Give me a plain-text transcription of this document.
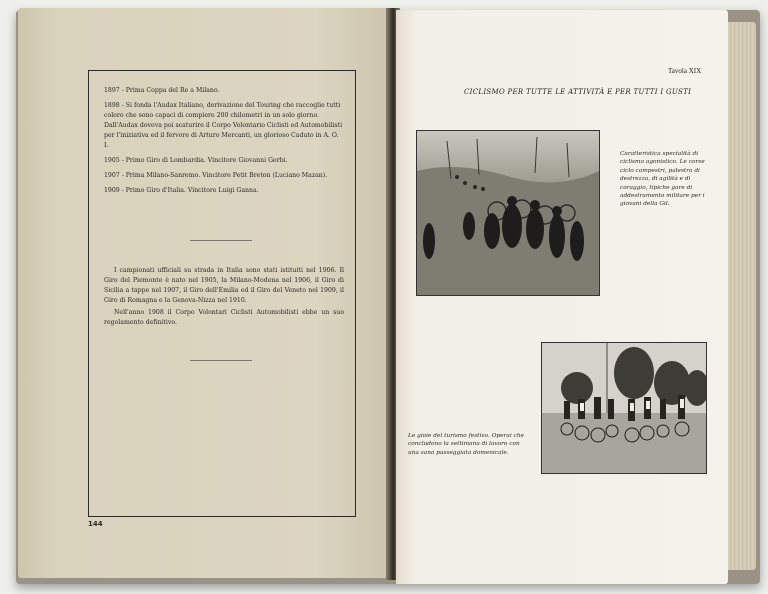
1897 - Prima Coppa del Re a Milano.
1898 - Si fonda l'Audax Italiano, derivazione del Touring che raccoglie tutti coloro che sono capaci di compiere 200 chilometri in un solo giorno. Dall'Audax doveva poi scaturire il Corpo Volontario Ciclisti ed Automobilisti per l'iniziativa ed il fervore di Arturo Mercanti, un glorioso Caduto in A. O. I.
1905 - Primo Giro di Lombardia. Vincitore Giovanni Gerbi.
1907 - Prima Milano-Sanremo. Vincitore Petit Breton (Luciano Mazan).
1909 - Primo Giro d'Italia. Vincitore Luigi Ganna.
I campionati ufficiali su strada in Italia sono stati istituiti nel 1906. Il Giro del Piemonte è nato nel 1905, la Milano-Modena nel 1906, il Giro di Sicilia a tappe nel 1907, il Giro dell'Emilia ed il Giro del Veneto nel 1909, il Giro di Romagna e la Genova-Nizza nel 1910.
Nell'anno 1908 il Corpo Volontari Ciclisti Automobilisti ebbe un suo regolamento definitivo.
144
Tavola XIX
CICLISMO PER TUTTE LE ATTIVITÀ E PER TUTTI I GUSTI
Caratteristica specialità di ciclismo agonistico. Le corse ciclo campestri, palestra di destrezza, di agilità e di coraggio, tipiche gare di addestramento militare per i giovani della Gil.
Le gioie del turismo festivo. Operai che concludono la settimana di lavoro con una sana passeggiata domenicale.
